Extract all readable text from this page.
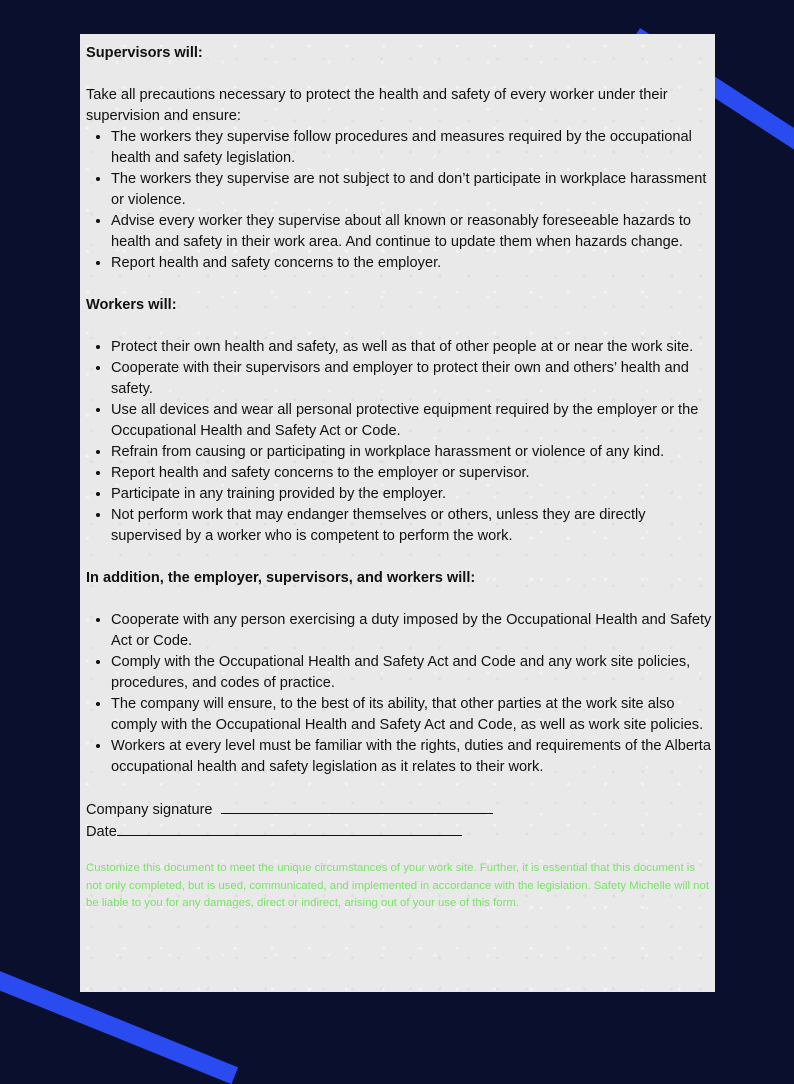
Supervisors will:

Take all precautions necessary to protect the health and safety of every worker under their supervision and ensure:

• The workers they supervise follow procedures and measures required by the occupational health and safety legislation.
• The workers they supervise are not subject to and don’t participate in workplace harassment or violence.
• Advise every worker they supervise about all known or reasonably foreseeable hazards to health and safety in their work area. And continue to update them when hazards change.
• Report health and safety concerns to the employer.

Workers will:

• Protect their own health and safety, as well as that of other people at or near the work site.
• Cooperate with their supervisors and employer to protect their own and others’ health and safety.
• Use all devices and wear all personal protective equipment required by the employer or the Occupational Health and Safety Act or Code.
• Refrain from causing or participating in workplace harassment or violence of any kind.
• Report health and safety concerns to the employer or supervisor.
• Participate in any training provided by the employer.
• Not perform work that may endanger themselves or others, unless they are directly supervised by a worker who is competent to perform the work.

In addition, the employer, supervisors, and workers will:

• Cooperate with any person exercising a duty imposed by the Occupational Health and Safety Act or Code.
• Comply with the Occupational Health and Safety Act and Code and any work site policies, procedures, and codes of practice.
• The company will ensure, to the best of its ability, that other parties at the work site also comply with the Occupational Health and Safety Act and Code, as well as work site policies.
• Workers at every level must be familiar with the rights, duties and requirements of the Alberta occupational health and safety legislation as it relates to their work.
Company signature
Date

Customize this document to meet the unique circumstances of your work site. Further, it is essential that this document is not only completed, but is used, communicated, and implemented in accordance with the legislation. Safety Michelle will not be liable to you for any damages, direct or indirect, arising out of your use of this form.
